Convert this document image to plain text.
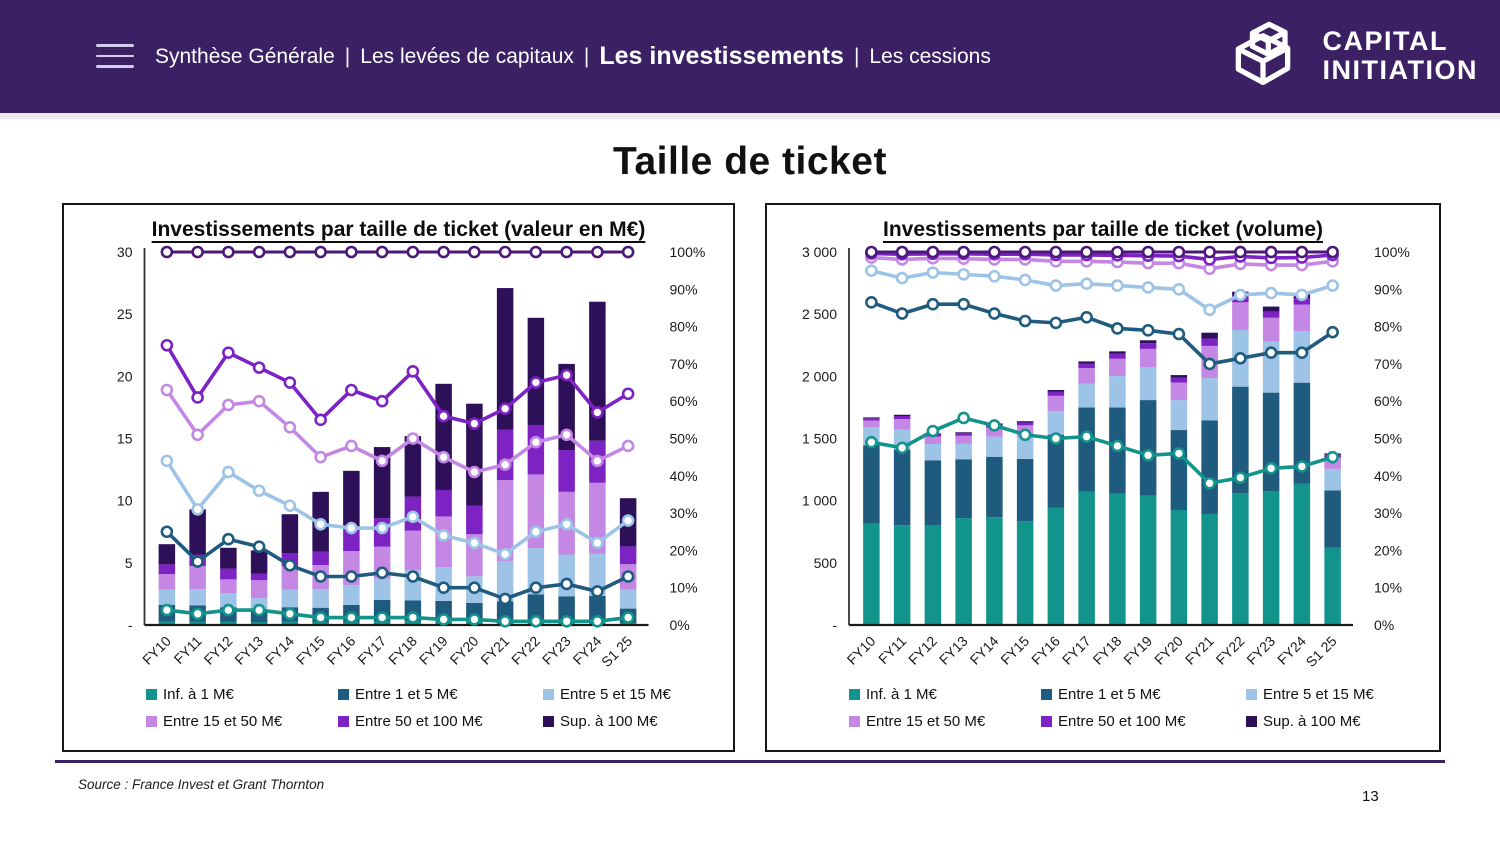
Synthèse Générale | Les levées de capitaux | Les investissements | Les cessions
CAPITAL
INITIATION
Taille de ticket
Investissements par taille de ticket (valeur en M€)
FY10
FY11
FY12
FY13
FY14
FY15
FY16
FY17
FY18
FY19
FY20
FY21
FY22
FY23
FY24
S1 25
30
25
20
15
10
5
-
100%
90%
80%
70%
60%
50%
40%
30%
20%
10%
0%
Inf. à 1 M€	Entre 1 et 5 M€	Entre 5 et 15 M€
Entre 15 et 50 M€	Entre 50 et 100 M€	Sup. à 100 M€
Investissements par taille de ticket (volume)
FY10
FY11
FY12
FY13
FY14
FY15
FY16
FY17
FY18
FY19
FY20
FY21
FY22
FY23
FY24
S1 25
3 000
2 500
2 000
1 500
1 000
500
-
100%
90%
80%
70%
60%
50%
40%
30%
20%
10%
0%
Inf. à 1 M€	Entre 1 et 5 M€	Entre 5 et 15 M€
Entre 15 et 50 M€	Entre 50 et 100 M€	Sup. à 100 M€
Source : France Invest et Grant Thornton
13
